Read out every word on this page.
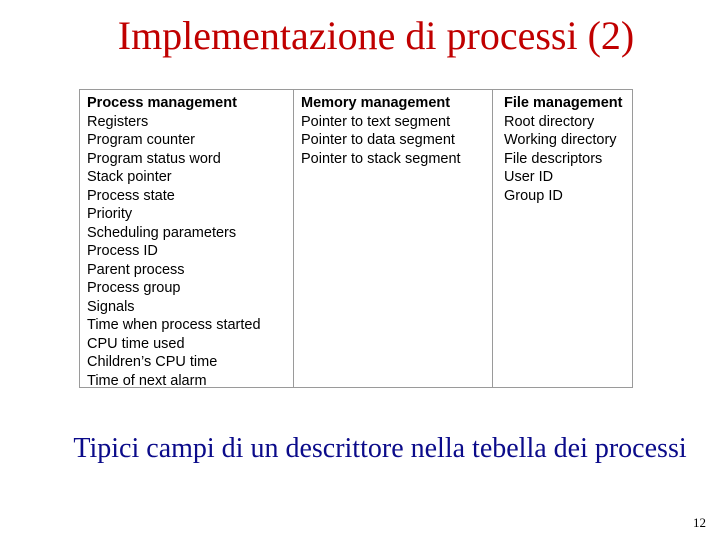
Implementazione di processi (2)
Process management
Registers
Program counter
Program status word
Stack pointer
Process state
Priority
Scheduling parameters
Process ID
Parent process
Process group
Signals
Time when process started
CPU time used
Children’s CPU time
Time of next alarm
Memory management
Pointer to text segment
Pointer to data segment
Pointer to stack segment
File management
Root directory
Working directory
File descriptors
User ID
Group ID
Tipici campi di un descrittore nella tebella dei processi
12
